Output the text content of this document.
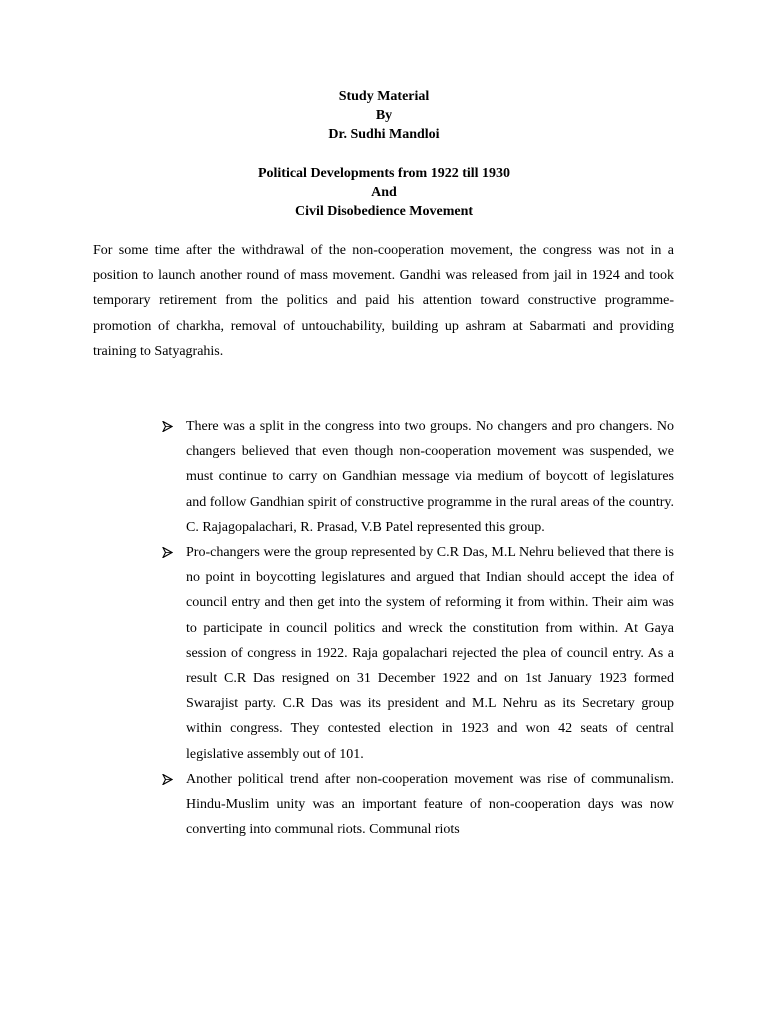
Study Material
By
Dr. Sudhi Mandloi
Political Developments from 1922 till 1930
And
Civil Disobedience Movement

For some time after the withdrawal of the non-cooperation movement, the congress was not in a position to launch another round of mass movement. Gandhi was released from jail in 1924 and took temporary retirement from the politics and paid his attention toward constructive programme- promotion of charkha, removal of untouchability, building up ashram at Sabarmati and providing training to Satyagrahis.

There was a split in the congress into two groups. No changers and pro changers. No changers believed that even though non-cooperation movement was suspended, we must continue to carry on Gandhian message via medium of boycott of legislatures and follow Gandhian spirit of constructive programme in the rural areas of the country. C. Rajagopalachari, R. Prasad, V.B Patel represented this group.
Pro-changers were the group represented by C.R Das, M.L Nehru believed that there is no point in boycotting legislatures and argued that Indian should accept the idea of council entry and then get into the system of reforming it from within. Their aim was to participate in council politics and wreck the constitution from within. At Gaya session of congress in 1922. Raja gopalachari rejected the plea of council entry. As a result C.R Das resigned on 31 December 1922 and on 1st January 1923 formed Swarajist party. C.R Das was its president and M.L Nehru as its Secretary group within congress. They contested election in 1923 and won 42 seats of central legislative assembly out of 101.
Another political trend after non-cooperation movement was rise of communalism. Hindu-Muslim unity was an important feature of non-cooperation days was now converting into communal riots. Communal riots
